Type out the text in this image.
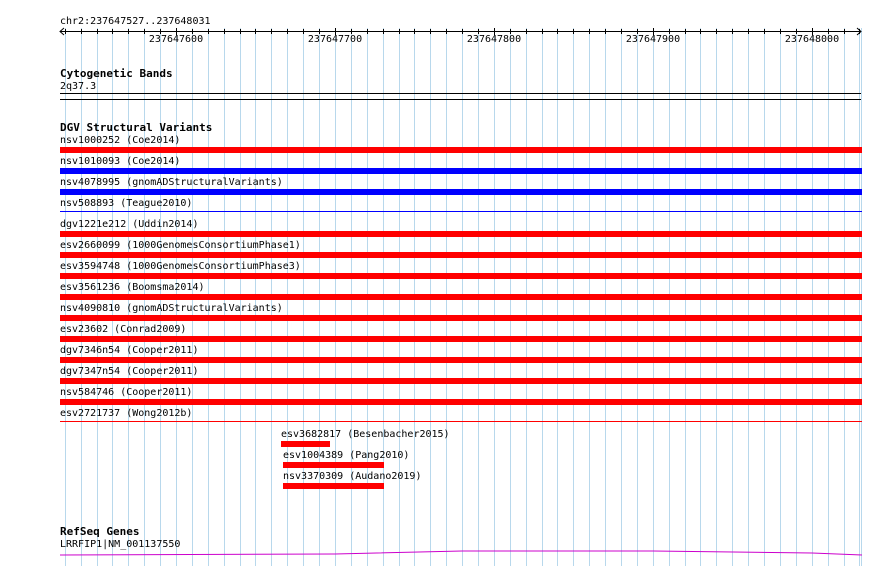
chr2:237647527..237648031
237647600	237647700	237647800	237647900	237648000
Cytogenetic Bands
2q37.3
DGV Structural Variants
nsv1000252 (Coe2014)
nsv1010093 (Coe2014)
nsv4078995 (gnomADStructuralVariants)
nsv508893 (Teague2010)
dgv1221e212 (Uddin2014)
esv2660099 (1000GenomesConsortiumPhase1)
esv3594748 (1000GenomesConsortiumPhase3)
esv3561236 (Boomsma2014)
nsv4090810 (gnomADStructuralVariants)
esv23602 (Conrad2009)
dgv7346n54 (Cooper2011)
dgv7347n54 (Cooper2011)
nsv584746 (Cooper2011)
esv2721737 (Wong2012b)
esv3682817 (Besenbacher2015)
esv1004389 (Pang2010)
nsv3370309 (Audano2019)
RefSeq Genes
LRRFIP1|NM_001137550
